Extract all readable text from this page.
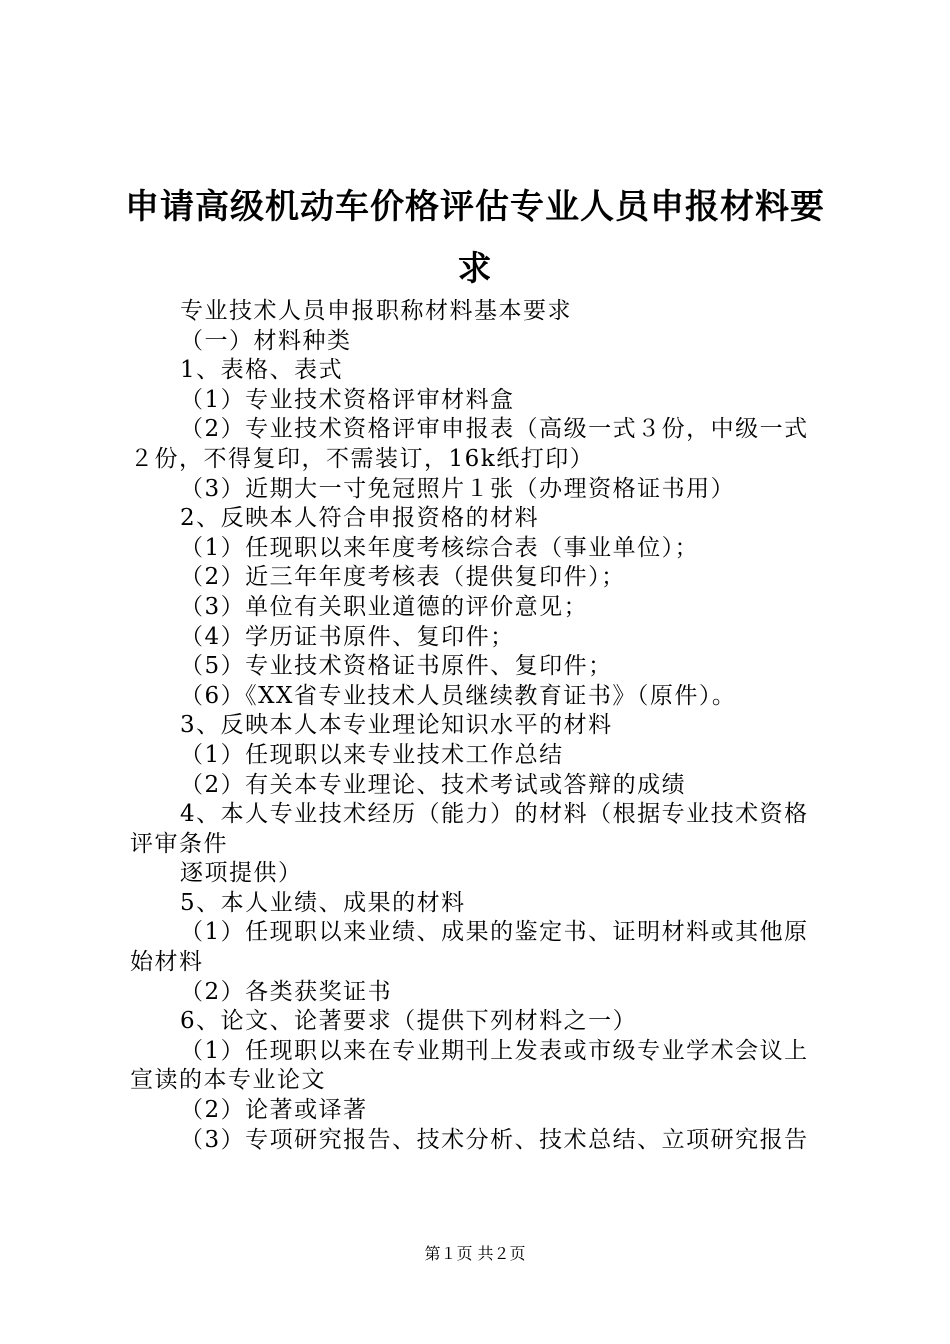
申请高级机动车价格评估专业人员申报材料要
求

专业技术人员申报职称材料基本要求

（一）材料种类

1、表格、表式

（1）专业技术资格评审材料盒

（2）专业技术资格评审申报表（高级一式３份，中级一式

２份，不得复印，不需装订，16k纸打印）

（3）近期大一寸免冠照片１张（办理资格证书用）

2、反映本人符合申报资格的材料

（1）任现职以来年度考核综合表（事业单位）；

（2）近三年年度考核表（提供复印件）；

（3）单位有关职业道德的评价意见；

（4）学历证书原件、复印件；

（5）专业技术资格证书原件、复印件；

（6）《XX省专业技术人员继续教育证书》（原件）。

3、反映本人本专业理论知识水平的材料

（1）任现职以来专业技术工作总结

（2）有关本专业理论、技术考试或答辩的成绩

4、本人专业技术经历（能力）的材料（根据专业技术资格

评审条件

逐项提供）

5、本人业绩、成果的材料

（1）任现职以来业绩、成果的鉴定书、证明材料或其他原

始材料

（2）各类获奖证书

6、论文、论著要求（提供下列材料之一）

（1）任现职以来在专业期刊上发表或市级专业学术会议上

宣读的本专业论文

（2）论著或译著

（3）专项研究报告、技术分析、技术总结、立项研究报告

第１页 共２页
